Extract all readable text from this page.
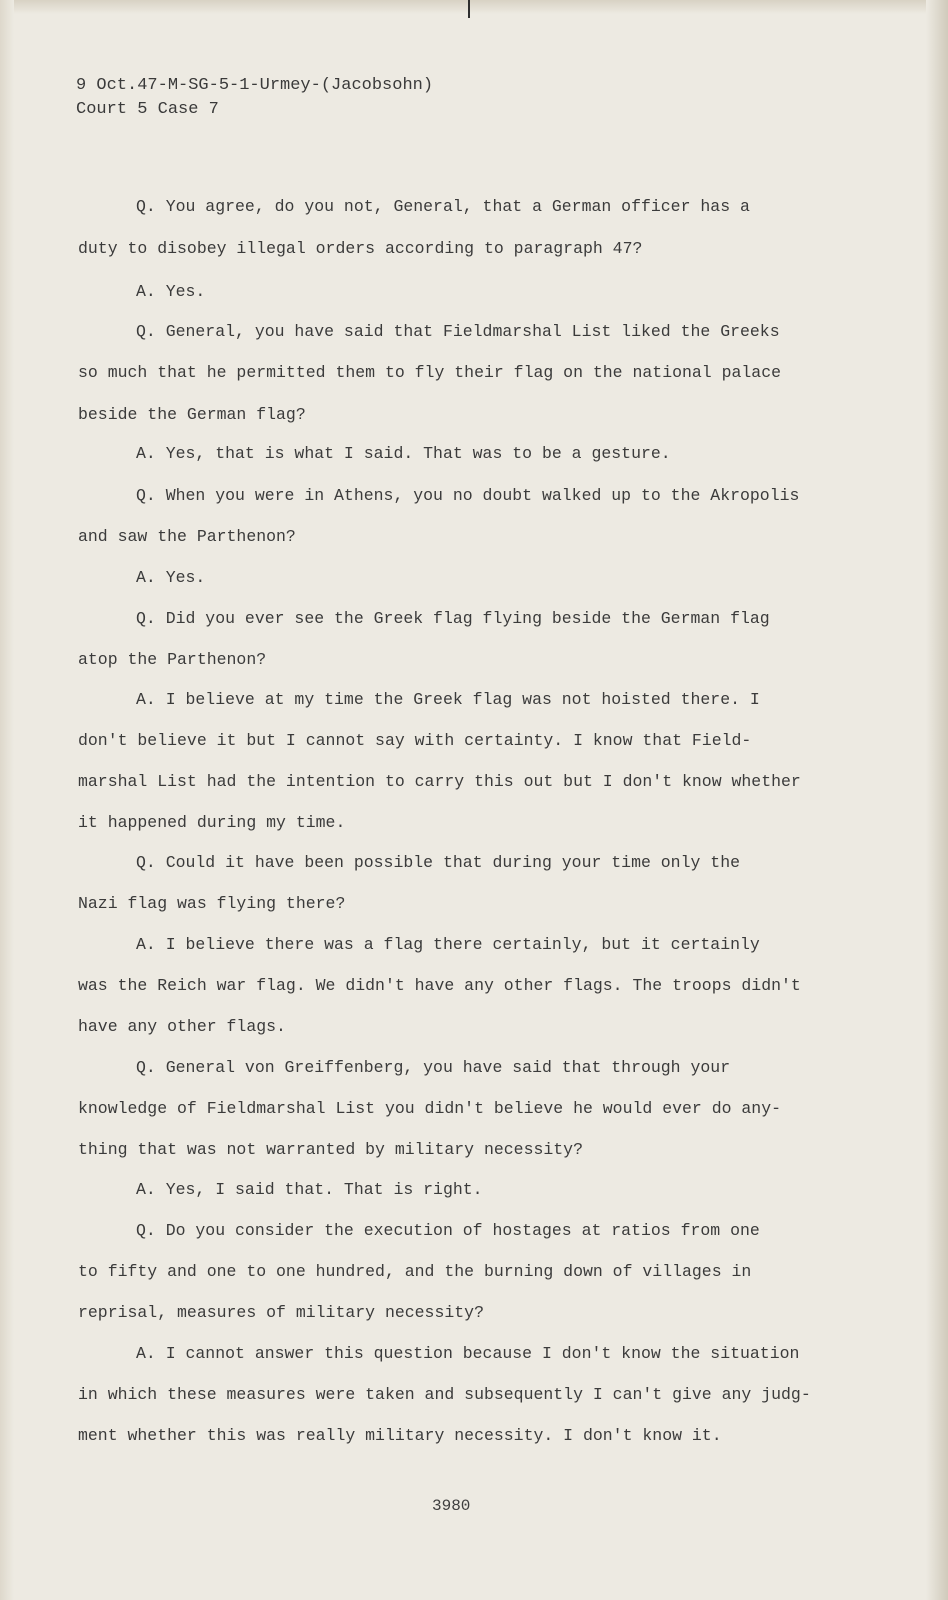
9 Oct.47-M-SG-5-1-Urmey-(Jacobsohn)
Court 5 Case 7
Q. You agree, do you not, General, that a German officer has a
duty to disobey illegal orders according to paragraph 47?
A. Yes.
Q. General, you have said that Fieldmarshal List liked the Greeks
so much that he permitted them to fly their flag on the national palace
beside the German flag?
A. Yes, that is what I said. That was to be a gesture.
Q. When you were in Athens, you no doubt walked up to the Akropolis
and saw the Parthenon?
A. Yes.
Q. Did you ever see the Greek flag flying beside the German flag
atop the Parthenon?
A. I believe at my time the Greek flag was not hoisted there. I
don't believe it but I cannot say with certainty. I know that Field-
marshal List had the intention to carry this out but I don't know whether
it happened during my time.
Q. Could it have been possible that during your time only the
Nazi flag was flying there?
A. I believe there was a flag there certainly, but it certainly
was the Reich war flag. We didn't have any other flags. The troops didn't
have any other flags.
Q. General von Greiffenberg, you have said that through your
knowledge of Fieldmarshal List you didn't believe he would ever do any-
thing that was not warranted by military necessity?
A. Yes, I said that. That is right.
Q. Do you consider the execution of hostages at ratios from one
to fifty and one to one hundred, and the burning down of villages in
reprisal, measures of military necessity?
A. I cannot answer this question because I don't know the situation
in which these measures were taken and subsequently I can't give any judg-
ment whether this was really military necessity. I don't know it.
3980
